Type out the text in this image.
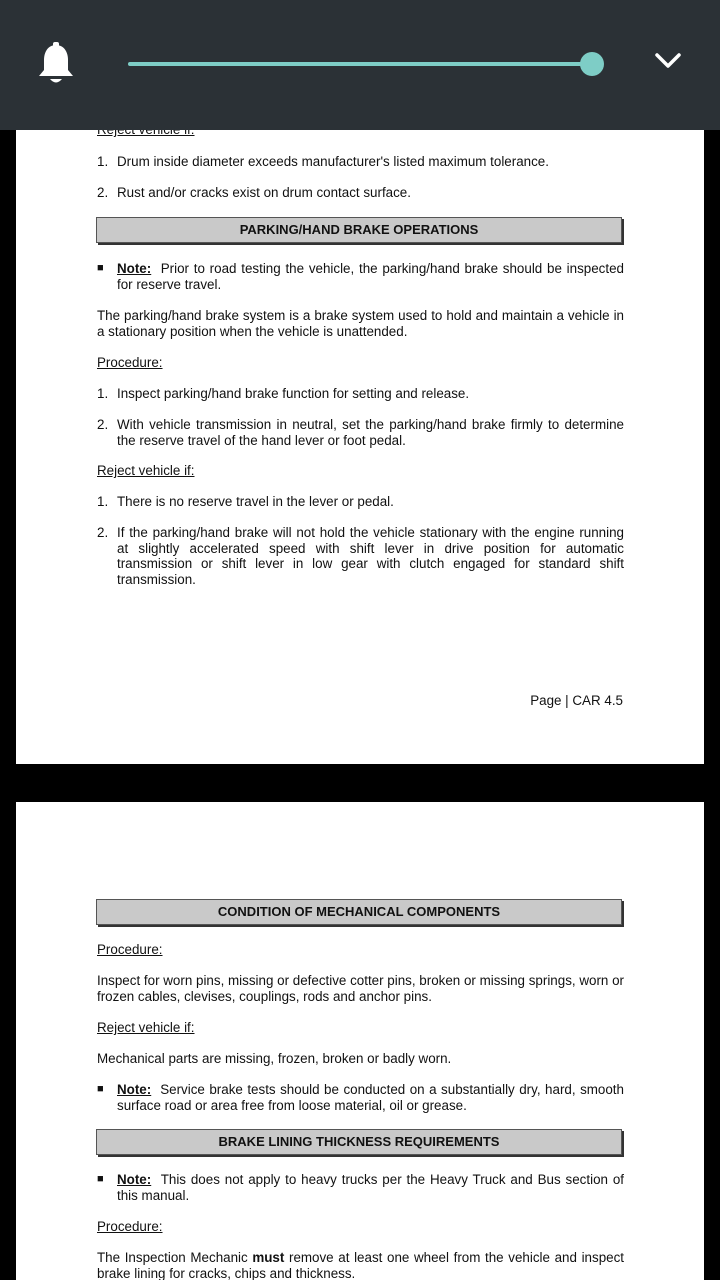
1. Drum inside diameter exceeds manufacturer's listed maximum tolerance.
2. Rust and/or cracks exist on drum contact surface.
PARKING/HAND BRAKE OPERATIONS
■ Note: Prior to road testing the vehicle, the parking/hand brake should be inspected for reserve travel.
The parking/hand brake system is a brake system used to hold and maintain a vehicle in a stationary position when the vehicle is unattended.
Procedure:
1. Inspect parking/hand brake function for setting and release.
2. With vehicle transmission in neutral, set the parking/hand brake firmly to determine the reserve travel of the hand lever or foot pedal.
Reject vehicle if:
1. There is no reserve travel in the lever or pedal.
2. If the parking/hand brake will not hold the vehicle stationary with the engine running at slightly accelerated speed with shift lever in drive position for automatic transmission or shift lever in low gear with clutch engaged for standard shift transmission.
Page | CAR 4.5
CONDITION OF MECHANICAL COMPONENTS
Procedure:
Inspect for worn pins, missing or defective cotter pins, broken or missing springs, worn or frozen cables, clevises, couplings, rods and anchor pins.
Reject vehicle if:
Mechanical parts are missing, frozen, broken or badly worn.
■ Note: Service brake tests should be conducted on a substantially dry, hard, smooth surface road or area free from loose material, oil or grease.
BRAKE LINING THICKNESS REQUIREMENTS
■ Note: This does not apply to heavy trucks per the Heavy Truck and Bus section of this manual.
Procedure:
The Inspection Mechanic must remove at least one wheel from the vehicle and inspect brake lining for cracks, chips and thickness.
